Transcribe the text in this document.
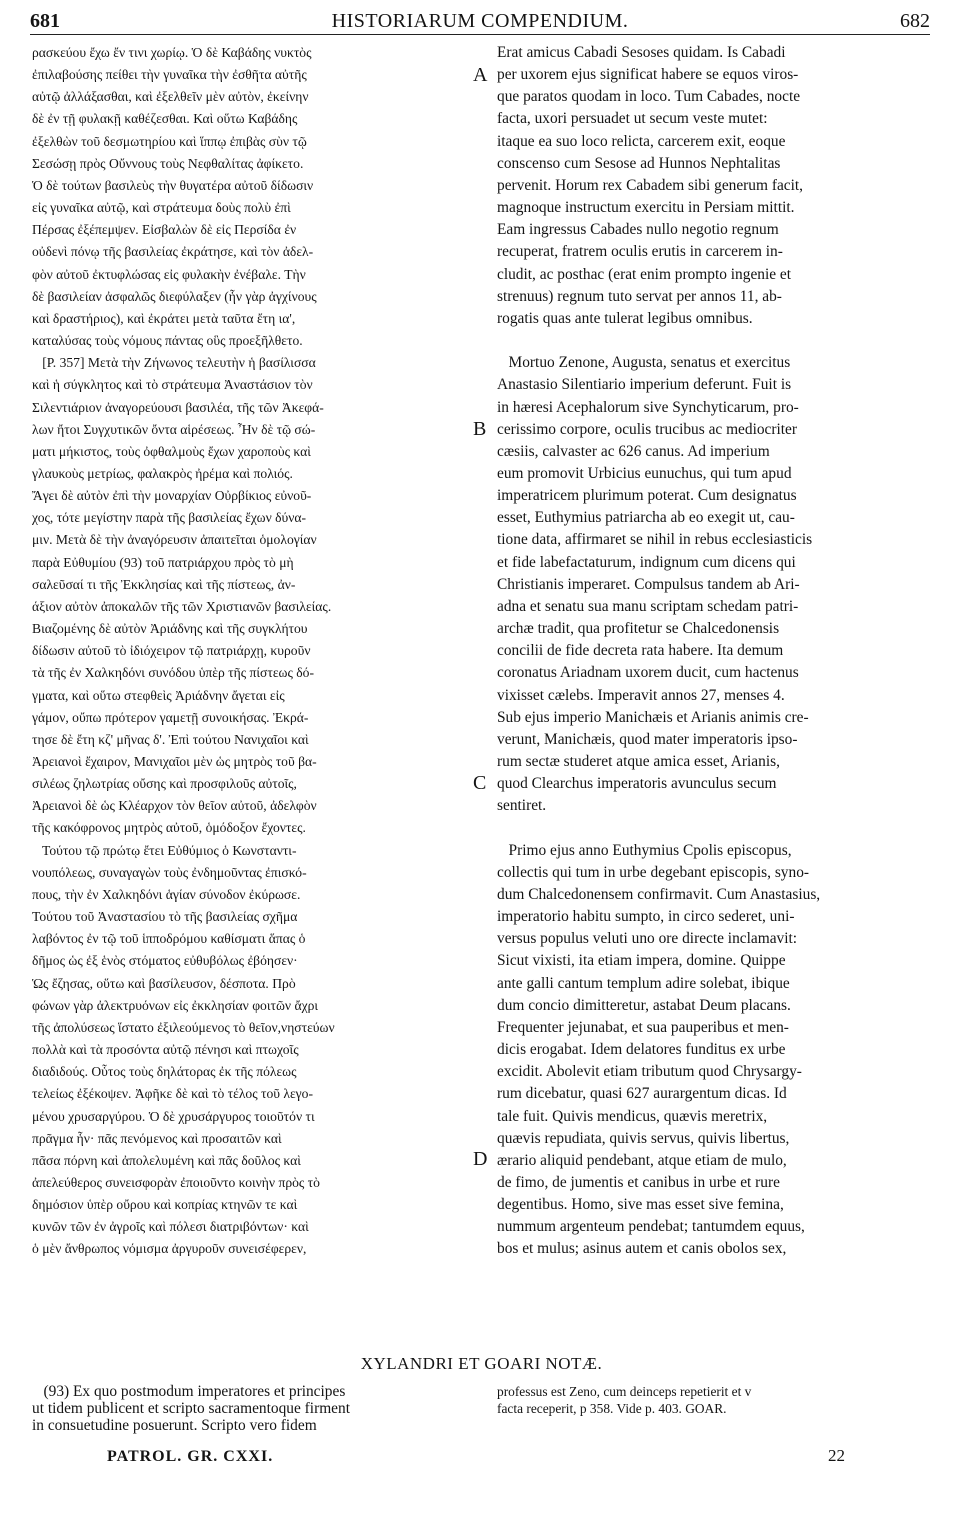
681	HISTORIARUM COMPENDIUM.	682
ρασκεύου ἔχω ἔν τινι χωρίῳ. Ὁ δὲ Καβάδης νυκτὸς
ἐπιλαβούσης πείθει τὴν γυναῖκα τὴν ἐσθῆτα αὐτῆς
αὐτῷ ἀλλάξασθαι, καὶ ἐξελθεῖν μὲν αὐτὸν, ἐκείνην
δὲ ἐν τῇ φυλακῇ καθέζεσθαι. Καὶ οὕτω Καβάδης
ἐξελθὼν τοῦ δεσμωτηρίου καὶ ἵππῳ ἐπιβὰς σὺν τῷ
Σεσώσῃ πρὸς Οὔννους τοὺς Νεφθαλίτας ἀφίκετο.
Ὁ δὲ τούτων βασιλεὺς τὴν θυγατέρα αὐτοῦ δίδωσιν
εἰς γυναῖκα αὐτῷ, καὶ στράτευμα δοὺς πολὺ ἐπὶ
Πέρσας ἐξέπεμψεν. Εἰσβαλὼν δὲ εἰς Περσίδα ἐν
οὐδενὶ πόνῳ τῆς βασιλείας ἐκράτησε, καὶ τὸν ἀδελ-
φὸν αὐτοῦ ἐκτυφλώσας εἰς φυλακὴν ἐνέβαλε. Τὴν
δὲ βασιλείαν ἀσφαλῶς διεφύλαξεν (ἦν γὰρ ἀγχίνους
καὶ δραστήριος), καὶ ἐκράτει μετὰ ταῦτα ἔτη ια',
καταλύσας τοὺς νόμους πάντας οὓς προεξῆλθετο.
[P. 357] Μετὰ τὴν Ζήνωνος τελευτὴν ἡ βασίλισσα
καὶ ἡ σύγκλητος καὶ τὸ στράτευμα Ἀναστάσιον τὸν
Σιλεντιάριον ἀναγορεύουσι βασιλέα, τῆς τῶν Ἀκεφά-
λων ἤτοι Συγχυτικῶν ὄντα αἱρέσεως. Ἦν δὲ τῷ σώ-
ματι μήκιστος, τοὺς ὀφθαλμοὺς ἔχων χαροποὺς καὶ
γλαυκοὺς μετρίως, φαλακρὸς ἠρέμα καὶ πολιός.
Ἄγει δὲ αὐτὸν ἐπὶ τὴν μοναρχίαν Οὐρβίκιος εὐνοῦ-
χος, τότε μεγίστην παρὰ τῆς βασιλείας ἔχων δύνα-
μιν. Μετὰ δὲ τὴν ἀναγόρευσιν ἀπαιτεῖται ὁμολογίαν
παρὰ Εὐθυμίου (93) τοῦ πατριάρχου πρὸς τὸ μὴ
σαλεῦσαί τι τῆς Ἐκκλησίας καὶ τῆς πίστεως, ἀν-
άξιον αὐτὸν ἀποκαλῶν τῆς τῶν Χριστιανῶν βασιλείας.
Βιαζομένης δὲ αὐτὸν Ἀριάδνης καὶ τῆς συγκλήτου
δίδωσιν αὐτοῦ τὸ ἰδιόχειρον τῷ πατριάρχῃ, κυροῦν
τὰ τῆς ἐν Χαλκηδόνι συνόδου ὑπὲρ τῆς πίστεως δό-
γματα, καὶ οὕτω στεφθεὶς Ἀριάδνην ἄγεται εἰς
γάμον, οὔπω πρότερον γαμετῇ συνοικήσας. Ἐκρά-
τησε δὲ ἔτη κζ' μῆνας δ'. Ἐπὶ τούτου Νανιχαῖοι καὶ
Ἀρειανοὶ ἔχαιρον, Μανιχαῖοι μὲν ὡς μητρὸς τοῦ βα-
σιλέως ζηλωτρίας οὔσης καὶ προσφιλοῦς αὐτοῖς,
Ἀρειανοὶ δὲ ὡς Κλέαρχον τὸν θεῖον αὐτοῦ, ἀδελφὸν
τῆς κακόφρονος μητρὸς αὐτοῦ, ὁμόδοξον ἔχοντες.
Τούτου τῷ πρώτῳ ἔτει Εὐθύμιος ὁ Κωνσταντι-
νουπόλεως, συναγαγὼν τοὺς ἐνδημοῦντας ἐπισκό-
πους, τὴν ἐν Χαλκηδόνι ἁγίαν σύνοδον ἐκύρωσε.
Τούτου τοῦ Ἀναστασίου τὸ τῆς βασιλείας σχῆμα
λαβόντος ἐν τῷ τοῦ ἱπποδρόμου καθίσματι ἅπας ὁ
δῆμος ὡς ἐξ ἑνὸς στόματος εὐθυβόλως ἐβόησεν·
Ὡς ἔζησας, οὕτω καὶ βασίλευσον, δέσποτα. Πρὸ
φώνων γὰρ ἀλεκτρυόνων εἰς ἐκκλησίαν φοιτῶν ἄχρι
τῆς ἀπολύσεως ἵστατο ἐξιλεούμενος τὸ θεῖον,νηστεύων
πολλὰ καὶ τὰ προσόντα αὐτῷ πένησι καὶ πτωχοῖς
διαδιδούς. Οὗτος τοὺς δηλάτορας ἐκ τῆς πόλεως
τελείως ἐξέκοψεν. Ἀφῆκε δὲ καὶ τὸ τέλος τοῦ λεγο-
μένου χρυσαργύρου. Ὁ δὲ χρυσάργυρος τοιοῦτόν τι
πρᾶγμα ἦν· πᾶς πενόμενος καὶ προσαιτῶν καὶ
πᾶσα πόρνη καὶ ἀπολελυμένη καὶ πᾶς δοῦλος καὶ
ἀπελεύθερος συνεισφορὰν ἐποιοῦντο κοινὴν πρὸς τὸ
δημόσιον ὑπὲρ οὔρου καὶ κοπρίας κτηνῶν τε καὶ
κυνῶν τῶν ἐν ἀγροῖς καὶ πόλεσι διατριβόντων· καὶ
ὁ μὲν ἄνθρωπος νόμισμα ἀργυροῦν συνεισέφερεν,
Erat amicus Cabadi Sesoses quidam. Is Cabadi
per uxorem ejus significat habere se equos viros-
que paratos quodam in loco. Tum Cabades, nocte
facta, uxori persuadet ut secum veste mutet:
itaque ea suo loco relicta, carcerem exit, eoque
conscenso cum Sesose ad Hunnos Nephtalitas
pervenit. Horum rex Cabadem sibi generum facit,
magnoque instructum exercitu in Persiam mittit.
Eam ingressus Cabades nullo negotio regnum
recuperat, fratrem oculis erutis in carcerem in-
cludit, ac posthac (erat enim prompto ingenie et
strenuus) regnum tuto servat per annos 11, ab-
rogatis quas ante tulerat legibus omnibus.

Mortuo Zenone, Augusta, senatus et exercitus
Anastasio Silentiario imperium deferunt. Fuit is
in hæresi Acephalorum sive Synchyticarum, pro-
cerissimo corpore, oculis trucibus ac mediocriter
cæsiis, calvaster ac 626 canus. Ad imperium
eum promovit Urbicius eunuchus, qui tum apud
imperatricem plurimum poterat. Cum designatus
esset, Euthymius patriarcha ab eo exegit ut, cau-
tione data, affirmaret se nihil in rebus ecclesiasticis
et fide labefactaturum, indignum cum dicens qui
Christianis imperaret. Compulsus tandem ab Ari-
adna et senatu sua manu scriptam schedam patri-
archæ tradit, qua profitetur se Chalcedonensis
concilii de fide decreta rata habere. Ita demum
coronatus Ariadnam uxorem ducit, cum hactenus
vixisset cælebs. Imperavit annos 27, menses 4.
Sub ejus imperio Manichæis et Arianis animis cre-
verunt, Manichæis, quod mater imperatoris ipso-
rum sectæ studeret atque amica esset, Arianis,
quod Clearchus imperatoris avunculus secum
sentiret.

Primo ejus anno Euthymius Cpolis episcopus,
collectis qui tum in urbe degebant episcopis, syno-
dum Chalcedonensem confirmavit. Cum Anastasius,
imperatorio habitu sumpto, in circo sederet, uni-
versus populus veluti uno ore directe inclamavit:
Sicut vixisti, ita etiam impera, domine. Quippe
ante galli cantum templum adire solebat, ibique
dum concio dimitteretur, astabat Deum placans.
Frequenter jejunabat, et sua pauperibus et men-
dicis erogabat. Idem delatores funditus ex urbe
excidit. Abolevit etiam tributum quod Chrysargy-
rum dicebatur, quasi 627 aurargentum dicas. Id
tale fuit. Quivis mendicus, quævis meretrix,
quævis repudiata, quivis servus, quivis libertus,
ærario aliquid pendebant, atque etiam de mulo,
de fimo, de jumentis et canibus in urbe et rure
degentibus. Homo, sive mas esset sive femina,
nummum argenteum pendebat; tantumdem equus,
bos et mulus; asinus autem et canis obolos sex,
A
B
C
D
XYLANDRI ET GOARI NOTÆ.
(93) Ex quo postmodum imperatores et principes
ut tidem publicent et scripto sacramentoque firment
in consuetudine posuerunt. Scripto vero fidem
professus est Zeno, cum deinceps repetierit et v
facta receperit, p 358. Vide p. 403. GOAR.
PATROL. GR. CXXI.	22
